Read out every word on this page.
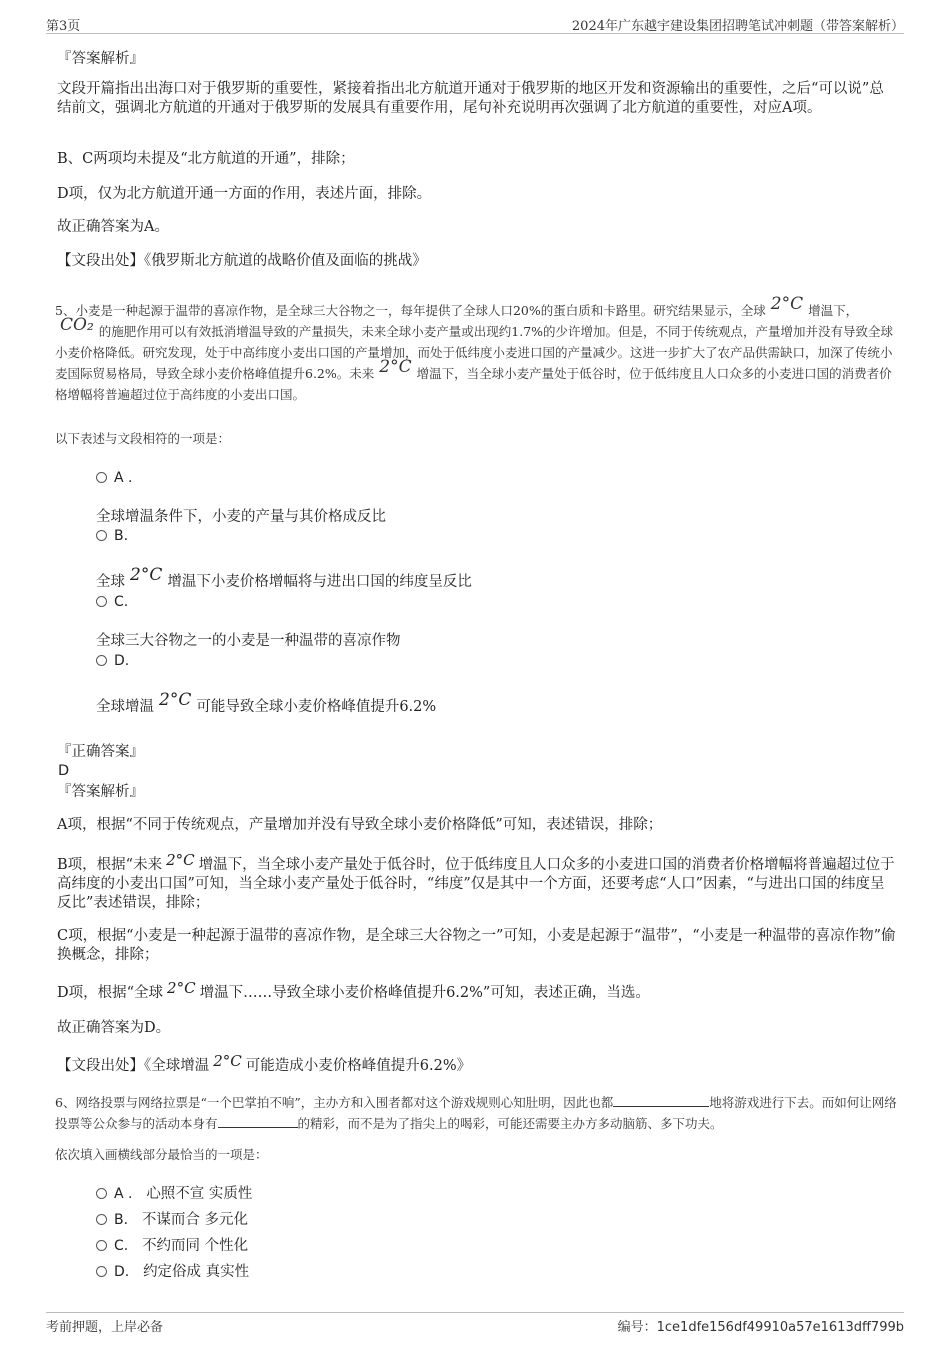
第3页	2024年广东越宇建设集团招聘笔试冲刺题（带答案解析）
『答案解析』
文段开篇指出出海口对于俄罗斯的重要性，紧接着指出北方航道开通对于俄罗斯的地区开发和资源输出的重要性，之后“可以说”总结前文，强调北方航道的开通对于俄罗斯的发展具有重要作用，尾句补充说明再次强调了北方航道的重要性，对应A项。
B、C两项均未提及“北方航道的开通”，排除；
D项，仅为北方航道开通一方面的作用，表述片面，排除。
故正确答案为A。
【文段出处】《俄罗斯北方航道的战略价值及面临的挑战》
5、小麦是一种起源于温带的喜凉作物，是全球三大谷物之一，每年提供了全球人口20%的蛋白质和卡路里。研究结果显示，全球 2°C 增温下，CO₂ 的施肥作用可以有效抵消增温导致的产量损失，未来全球小麦产量或出现约1.7%的少许增加。但是，不同于传统观点，产量增加并没有导致全球小麦价格降低。研究发现，处于中高纬度小麦出口国的产量增加，而处于低纬度小麦进口国的产量减少。这进一步扩大了农产品供需缺口，加深了传统小麦国际贸易格局，导致全球小麦价格峰值提升6.2%。未来 2°C 增温下，当全球小麦产量处于低谷时，位于低纬度且人口众多的小麦进口国的消费者价格增幅将普遍超过位于高纬度的小麦出口国。
以下表述与文段相符的一项是：
A .
全球增温条件下，小麦的产量与其价格成反比
B.
全球 2°C 增温下小麦价格增幅将与进出口国的纬度呈反比
C.
全球三大谷物之一的小麦是一种温带的喜凉作物
D.
全球增温 2°C 可能导致全球小麦价格峰值提升6.2%
『正确答案』
D
『答案解析』
A项，根据“不同于传统观点，产量增加并没有导致全球小麦价格降低”可知，表述错误，排除；
B项，根据“未来 2°C 增温下，当全球小麦产量处于低谷时，位于低纬度且人口众多的小麦进口国的消费者价格增幅将普遍超过位于高纬度的小麦出口国”可知，当全球小麦产量处于低谷时，“纬度”仅是其中一个方面，还要考虑“人口”因素，“与进出口国的纬度呈反比”表述错误，排除；
C项，根据“小麦是一种起源于温带的喜凉作物，是全球三大谷物之一”可知，小麦是起源于“温带”，“小麦是一种温带的喜凉作物”偷换概念，排除；
D项，根据“全球 2°C 增温下……导致全球小麦价格峰值提升6.2%”可知，表述正确，当选。
故正确答案为D。
【文段出处】《全球增温 2°C 可能造成小麦价格峰值提升6.2%》
6、网络投票与网络拉票是“一个巴掌拍不响”，主办方和入围者都对这个游戏规则心知肚明，因此也都	地将游戏进行下去。而如何让网络投票等公众参与的活动本身有	的精彩，而不是为了指尖上的喝彩，可能还需要主办方多动脑筋、多下功夫。
依次填入画横线部分最恰当的一项是：
A . 心照不宣 实质性
B. 不谋而合 多元化
C. 不约而同 个性化
D. 约定俗成 真实性
考前押题，上岸必备	编号：1ce1dfe156df49910a57e1613dff799b
